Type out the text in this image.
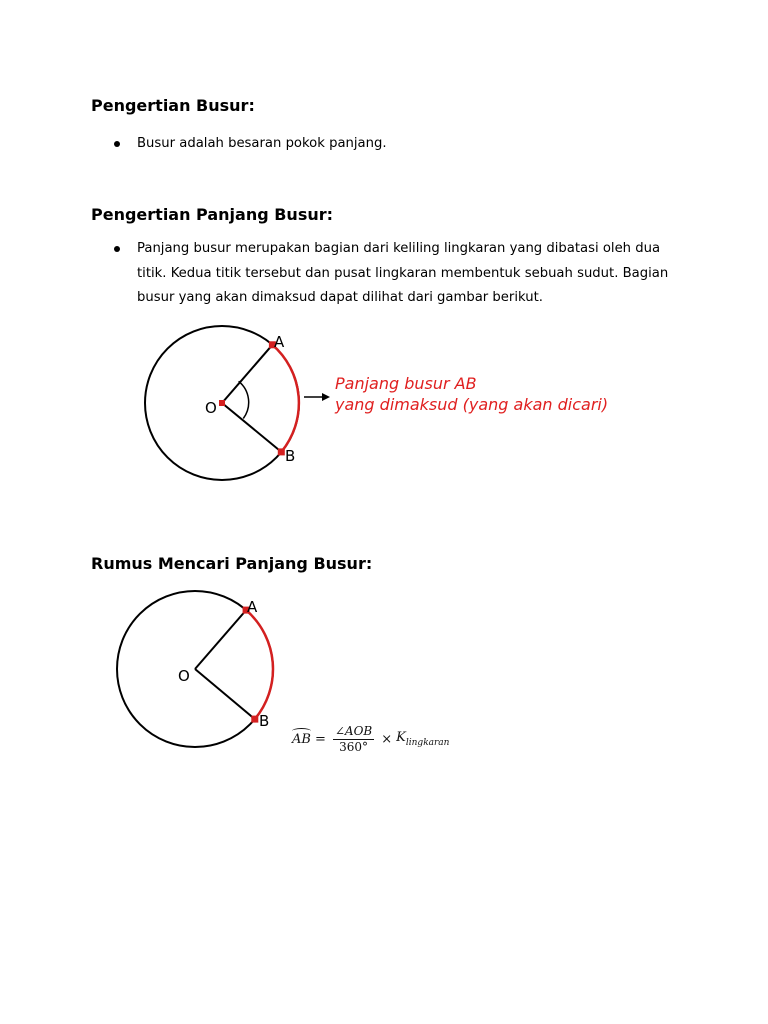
Pengertian Busur:
Busur adalah besaran pokok panjang.
Pengertian Panjang Busur:
Panjang busur merupakan bagian dari keliling lingkaran yang dibatasi oleh dua titik. Kedua titik tersebut dan pusat lingkaran membentuk sebuah sudut. Bagian busur yang akan dimaksud dapat dilihat dari gambar berikut.
O
A
B
Panjang busur AB
yang dimaksud (yang akan dicari)
O
A
B
AB = $\frac{\text{∠AOB}}{360^\circ} \times K_{lingkaran}$
Rumus Mencari Panjang Busur:
